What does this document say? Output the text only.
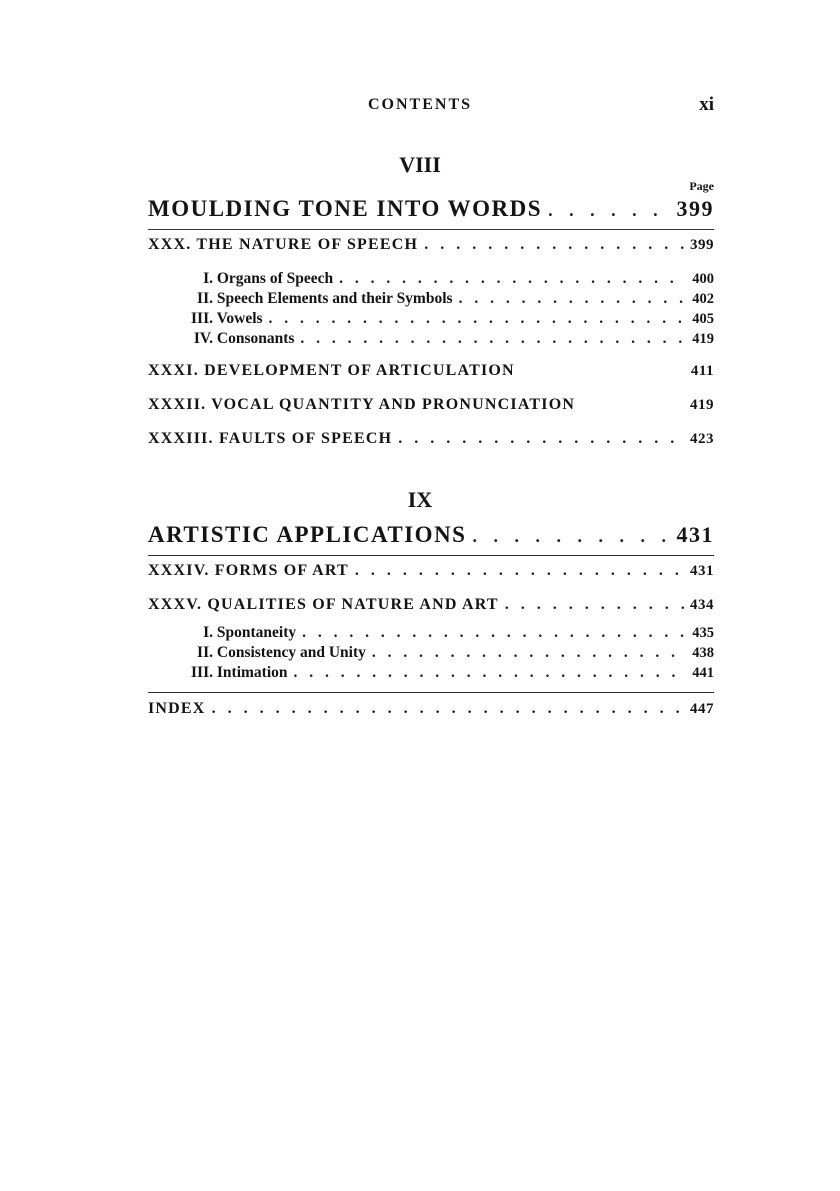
CONTENTS	xi
VIII
Page
MOULDING TONE INTO WORDS . . .	399
XXX. THE NATURE OF SPEECH . . .	399
I. Organs of Speech . . .	400
II. Speech Elements and their Symbols . . .	402
III. Vowels . . .	405
IV. Consonants . . .	419
XXXI. DEVELOPMENT OF ARTICULATION	411
XXXII. VOCAL QUANTITY AND PRONUNCIATION	419
XXXIII. FAULTS OF SPEECH . . .	423
IX
ARTISTIC APPLICATIONS . . .	431
XXXIV. FORMS OF ART . . .	431
XXXV. QUALITIES OF NATURE AND ART . . .	434
I. Spontaneity . . .	435
II. Consistency and Unity . . .	438
III. Intimation . . .	441
INDEX . . .	447
